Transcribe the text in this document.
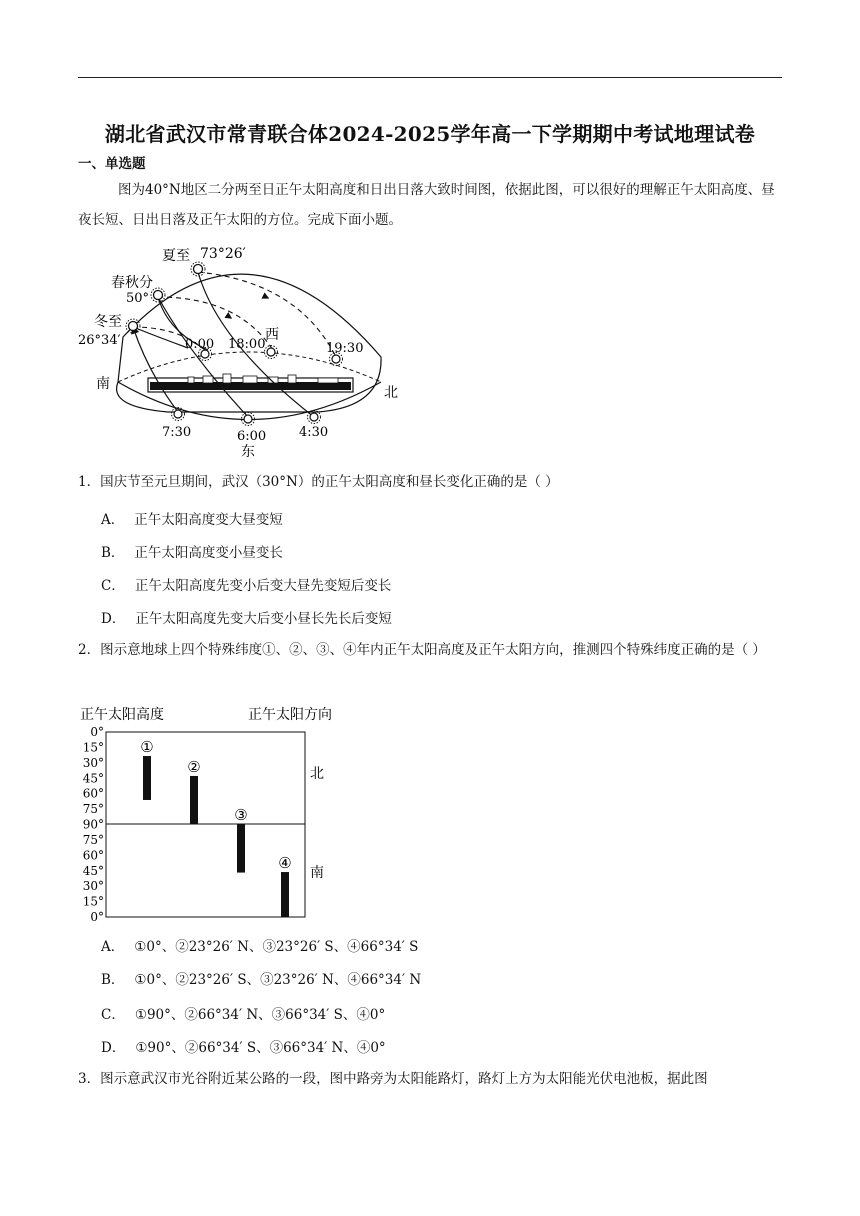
湖北省武汉市常青联合体2024-2025学年高一下学期期中考试地理试卷
一、单选题
图为40°N地区二分两至日正午太阳高度和日出日落大致时间图，依据此图，可以很好的理解正午太阳高度、昼夜长短、日出日落及正午太阳的方位。完成下面小题。
夏至 73°26′
春秋分
50°
冬至
26°34′	西
0:00 18:00	19:30
南
北
7:30	6:00	4:30
东
1．国庆节至元旦期间，武汉（30°N）的正午太阳高度和昼长变化正确的是（ ）
A． 正午太阳高度变大昼变短
B． 正午太阳高度变小昼变长
C． 正午太阳高度先变小后变大昼先变短后变长
D． 正午太阳高度先变大后变小昼长先长后变短
2．图示意地球上四个特殊纬度①、②、③、④年内正午太阳高度及正午太阳方向，推测四个特殊纬度正确的是（ ）
正午太阳高度	正午太阳方向
0°
15°
30°
45°
60°
75°
90°
75°
60°
45°
30°
15°
0°
①
②
③
④
北
南
A． ①0°、②23°26′ N、③23°26′ S、④66°34′ S
B． ①0°、②23°26′ S、③23°26′ N、④66°34′ N
C． ①90°、②66°34′ N、③66°34′ S、④0°
D． ①90°、②66°34′ S、③66°34′ N、④0°
3．图示意武汉市光谷附近某公路的一段，图中路旁为太阳能路灯，路灯上方为太阳能光伏电池板，据此图
